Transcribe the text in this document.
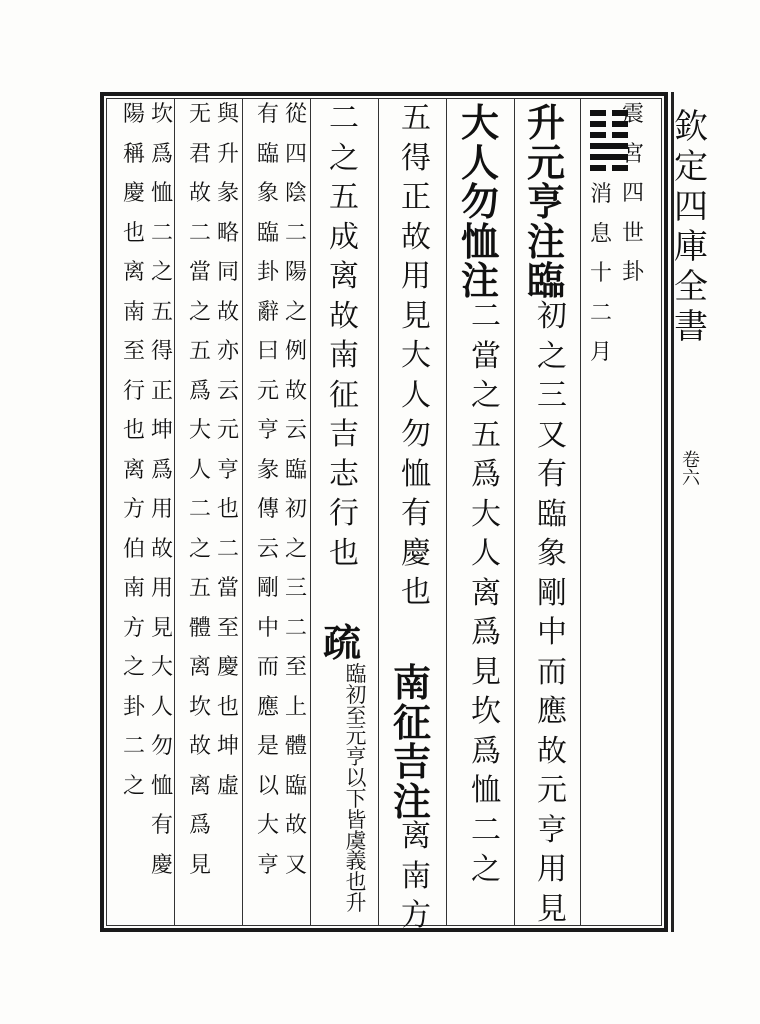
欽
定
四
庫
全
書
卷六
震
宮
四
世
卦
消
息
十
二
月
升
元
亨
注
臨
初
之
三
又
有
臨
象
剛
中
而
應
故
元
亨
用
見
大
人
勿
恤
注
二
當
之
五
爲
大
人
离
爲
見
坎
爲
恤
二
之
五
得
正
故
用
見
大
人
勿
恤
有
慶
也
南
征
吉
注
离
南
方
二
之
五
成
离
故
南
征
吉
志
行
也
疏
臨
初
至
元
亨
以
下
皆
虞
義
也
升
從
四
陰
二
陽
之
例
故
云
臨
初
之
三
二
至
上
體
臨
故
又
有
臨
象
臨
卦
辭
曰
元
亨
彖
傳
云
剛
中
而
應
是
以
大
亨
與
升
彖
略
同
故
亦
云
元
亨
也
二
當
至
慶
也
坤
虛
无
君
故
二
當
之
五
爲
大
人
二
之
五
體
离
坎
故
离
爲
見
坎
爲
恤
二
之
五
得
正
坤
爲
用
故
用
見
大
人
勿
恤
有
慶
陽
稱
慶
也
离
南
至
行
也
离
方
伯
南
方
之
卦
二
之
